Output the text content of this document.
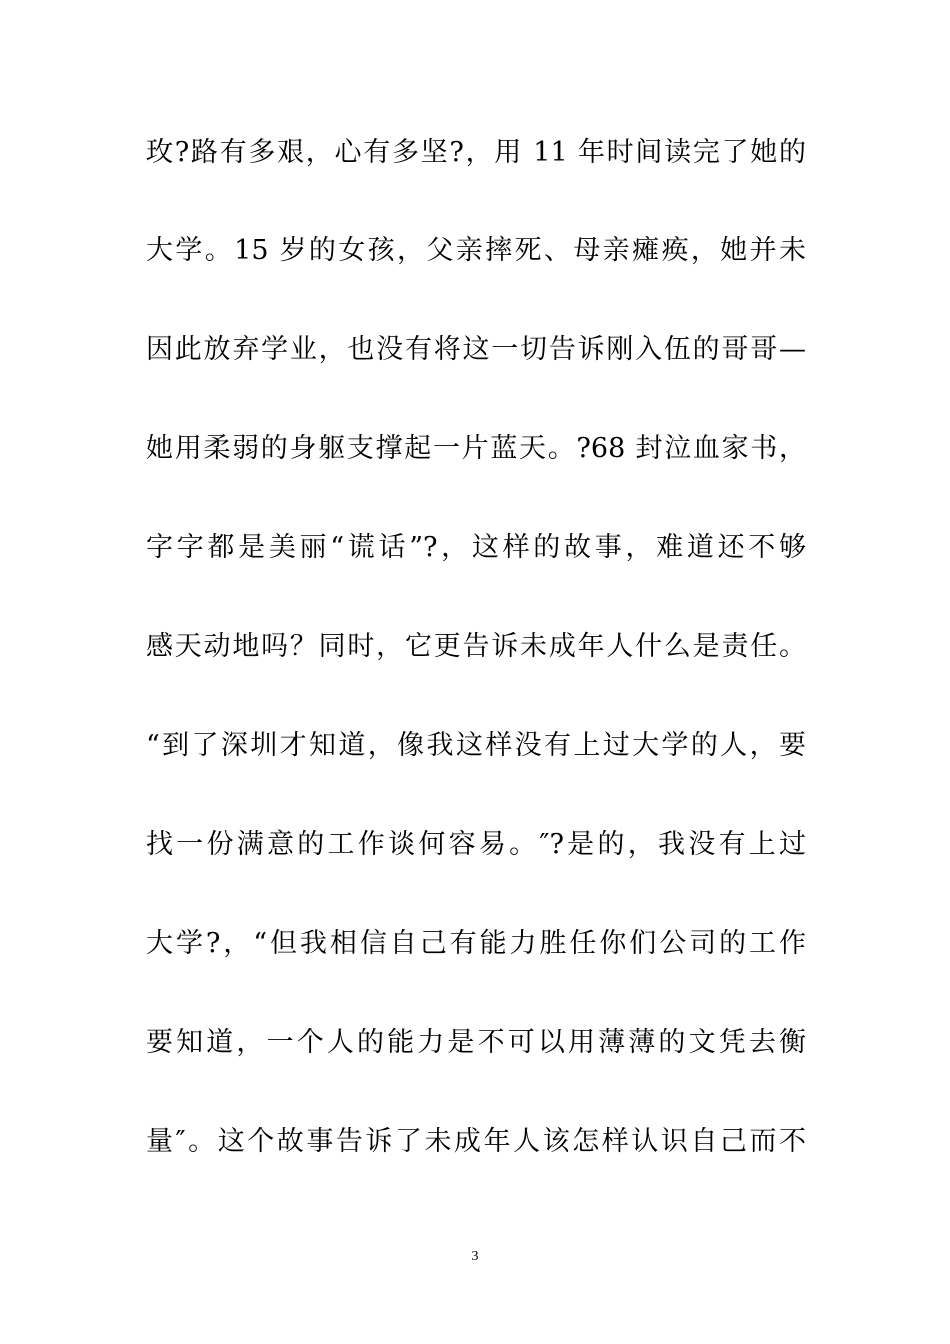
玫?路有多艰，心有多坚?，用 11 年时间读完了她的
大学。15 岁的女孩，父亲摔死、母亲瘫痪，她并未
因此放弃学业，也没有将这一切告诉刚入伍的哥哥—
她用柔弱的身躯支撑起一片蓝天。?68 封泣血家书，
字字都是美丽“谎话”?，这样的故事，难道还不够
感天动地吗？同时，它更告诉未成年人什么是责任。
“到了深圳才知道，像我这样没有上过大学的人，要
找一份满意的工作谈何容易。″?是的，我没有上过
大学?，“但我相信自己有能力胜任你们公司的工作
要知道，一个人的能力是不可以用薄薄的文凭去衡
量″。这个故事告诉了未成年人该怎样认识自己而不
3
